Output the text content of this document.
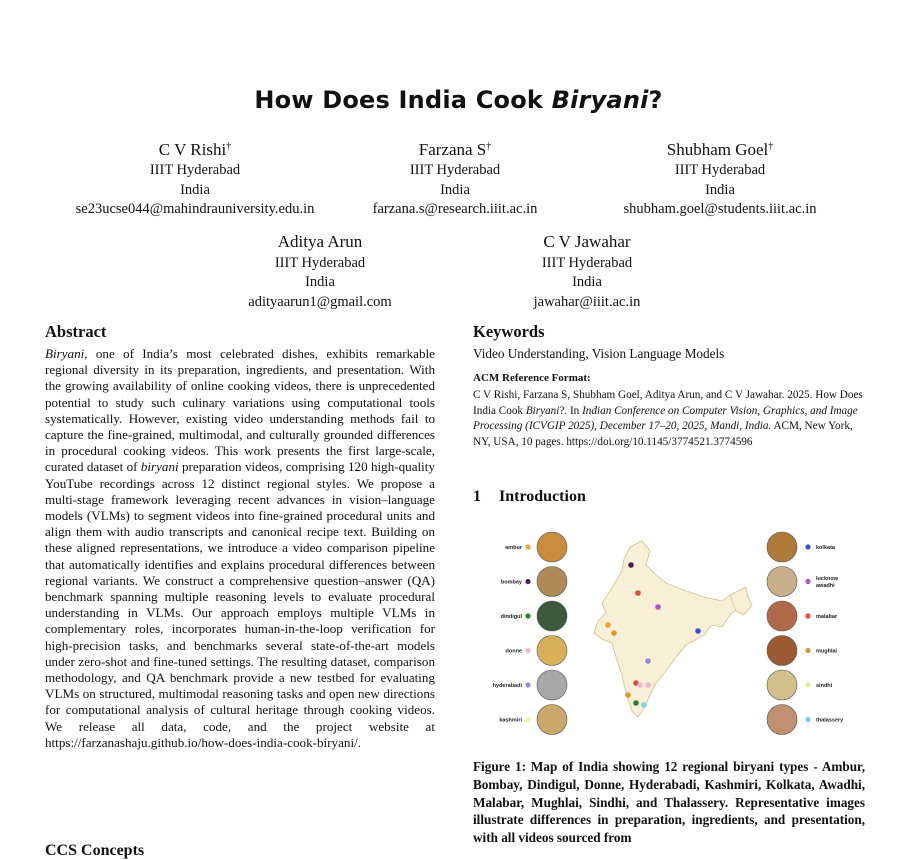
How Does India Cook Biryani?
C V Rishi†
IIIT Hyderabad
India
se23ucse044@mahindrauniversity.edu.in
Farzana S†
IIIT Hyderabad
India
farzana.s@research.iiit.ac.in
Shubham Goel†
IIIT Hyderabad
India
shubham.goel@students.iiit.ac.in
Aditya Arun
IIIT Hyderabad
India
adityaarun1@gmail.com
C V Jawahar
IIIT Hyderabad
India
jawahar@iiit.ac.in
Abstract
Biryani, one of India’s most celebrated dishes, exhibits remarkable regional diversity in its preparation, ingredients, and presentation. With the growing availability of online cooking videos, there is unprecedented potential to study such culinary variations using computational tools systematically. However, existing video understanding methods fail to capture the fine-grained, multimodal, and culturally grounded differences in procedural cooking videos. This work presents the first large-scale, curated dataset of biryani preparation videos, comprising 120 high-quality YouTube recordings across 12 distinct regional styles. We propose a multi-stage framework leveraging recent advances in vision–language models (VLMs) to segment videos into fine-grained procedural units and align them with audio transcripts and canonical recipe text. Building on these aligned representations, we introduce a video comparison pipeline that automatically identifies and explains procedural differences between regional variants. We construct a comprehensive question–answer (QA) benchmark spanning multiple reasoning levels to evaluate procedural understanding in VLMs. Our approach employs multiple VLMs in complementary roles, incorporates human-in-the-loop verification for high-precision tasks, and benchmarks several state-of-the-art models under zero-shot and fine-tuned settings. The resulting dataset, comparison methodology, and QA benchmark provide a new testbed for evaluating VLMs on structured, multimodal reasoning tasks and open new directions for computational analysis of cultural heritage through cooking videos. We release all data, code, and the project website at https://farzanashaju.github.io/how-does-india-cook-biryani/.
Keywords
Video Understanding, Vision Language Models
ACM Reference Format:
C V Rishi, Farzana S, Shubham Goel, Aditya Arun, and C V Jawahar. 2025. How Does India Cook Biryani?. In Indian Conference on Computer Vision, Graphics, and Image Processing (ICVGIP 2025), December 17–20, 2025, Mandi, India. ACM, New York, NY, USA, 10 pages. https://doi.org/10.1145/3774521.3774596
1 Introduction
ambur
bombay
dindigul
donne
hyderabadi
kashmiri
kolkata
lucknow
awadhi
malabar
mughlai
sindhi
thalassery
Figure 1: Map of India showing 12 regional biryani types - Ambur, Bombay, Dindigul, Donne, Hyderabadi, Kashmiri, Kolkata, Awadhi, Malabar, Mughlai, Sindhi, and Thalassery. Representative images illustrate differences in preparation, ingredients, and presentation, with all videos sourced from
CCS Concepts
